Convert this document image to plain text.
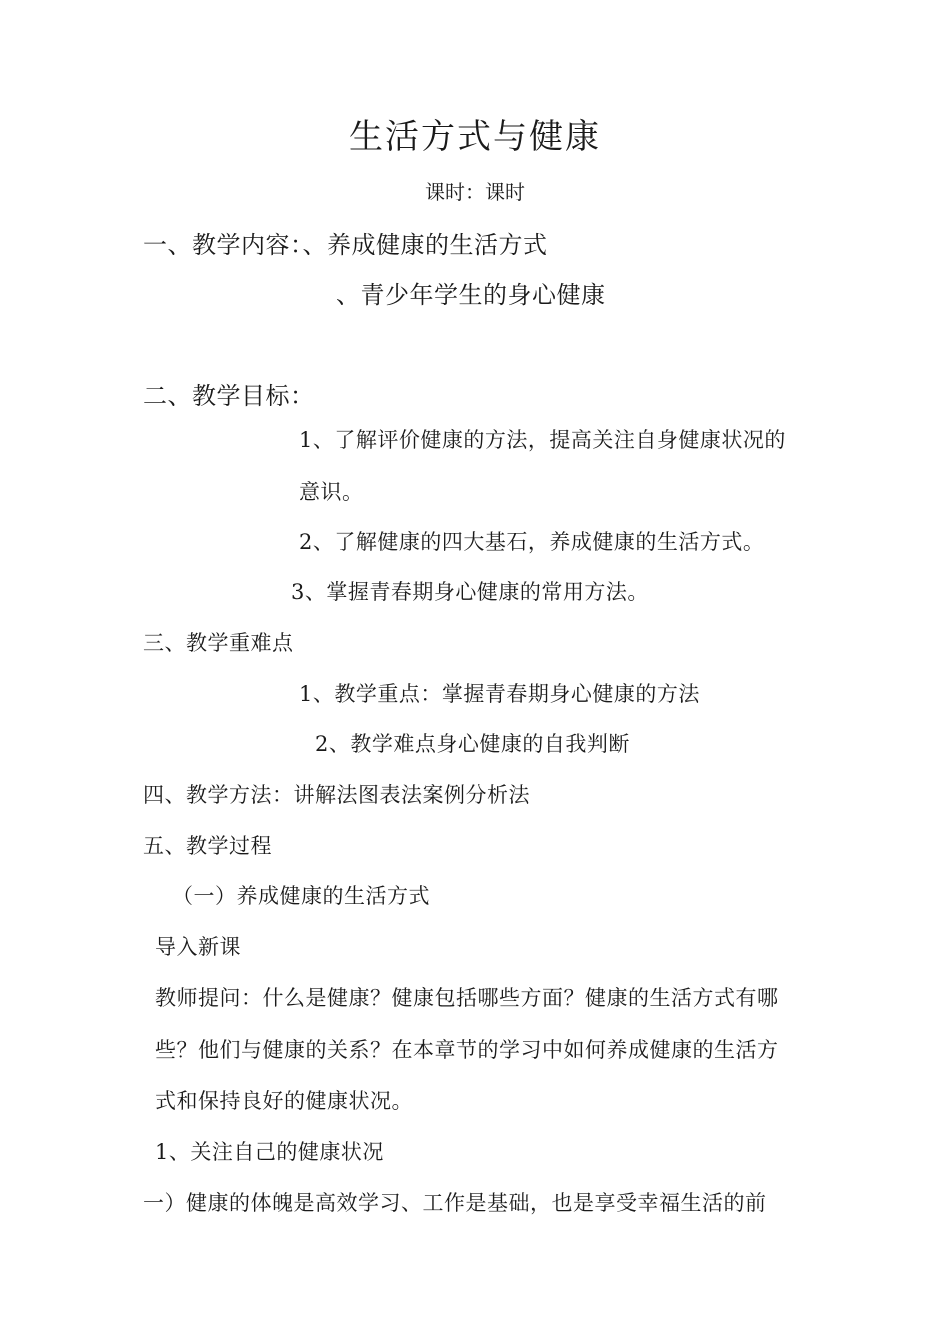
生活方式与健康
课时：课时
一、教学内容：、养成健康的生活方式
、青少年学生的身心健康
二、教学目标：
1、了解评价健康的方法，提高关注自身健康状况的
意识。
2、了解健康的四大基石，养成健康的生活方式。
3、掌握青春期身心健康的常用方法。
三、教学重难点
1、教学重点：掌握青春期身心健康的方法
2、教学难点身心健康的自我判断
四、教学方法：讲解法图表法案例分析法
五、教学过程
（一）养成健康的生活方式
导入新课
教师提问：什么是健康？健康包括哪些方面？健康的生活方式有哪
些？他们与健康的关系？在本章节的学习中如何养成健康的生活方
式和保持良好的健康状况。
1、关注自己的健康状况
一）健康的体魄是高效学习、工作是基础，也是享受幸福生活的前
